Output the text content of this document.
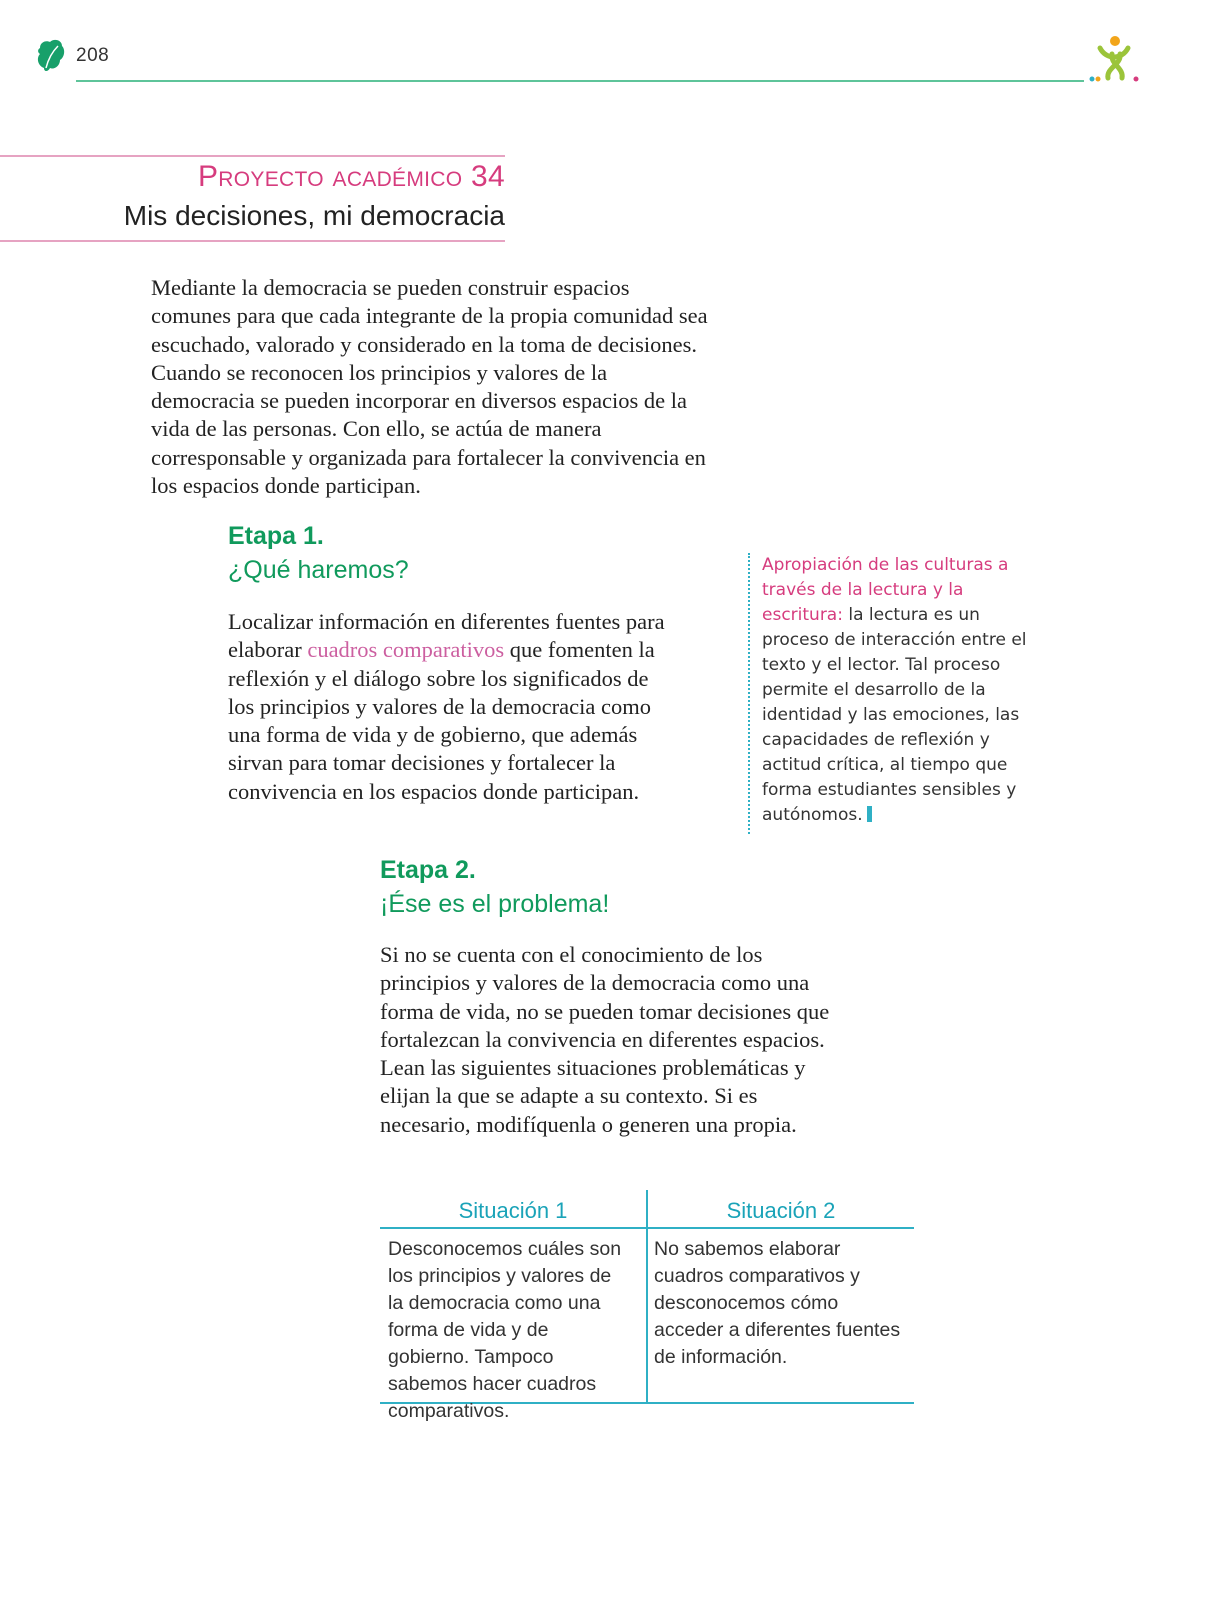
208
Proyecto académico 34
Mis decisiones, mi democracia
Mediante la democracia se pueden construir espacios comunes para que cada integrante de la propia comunidad sea escuchado, valorado y considerado en la toma de decisiones. Cuando se reconocen los principios y valores de la democracia se pueden incorporar en diversos espacios de la vida de las personas. Con ello, se actúa de manera corresponsable y organizada para fortalecer la convivencia en los espacios donde participan.
Etapa 1.
¿Qué haremos?
Localizar información en diferentes fuentes para elaborar cuadros comparativos que fomenten la reflexión y el diálogo sobre los significados de los principios y valores de la democracia como una forma de vida y de gobierno, que además sirvan para tomar decisiones y fortalecer la convivencia en los espacios donde participan.
Apropiación de las culturas a través de la lectura y la escritura: la lectura es un proceso de interacción entre el texto y el lector. Tal proceso permite el desarrollo de la identidad y las emociones, las capacidades de reflexión y actitud crítica, al tiempo que forma estudiantes sensibles y autónomos.
Etapa 2.
¡Ése es el problema!
Si no se cuenta con el conocimiento de los principios y valores de la democracia como una forma de vida, no se pueden tomar decisiones que fortalezcan la convivencia en diferentes espacios. Lean las siguientes situaciones problemáticas y elijan la que se adapte a su contexto. Si es necesario, modifíquenla o generen una propia.
Situación 1	Situación 2
Desconocemos cuáles son los principios y valores de la democracia como una forma de vida y de gobierno. Tampoco sabemos hacer cuadros comparativos.
No sabemos elaborar cuadros comparativos y desconocemos cómo acceder a diferentes fuentes de información.
